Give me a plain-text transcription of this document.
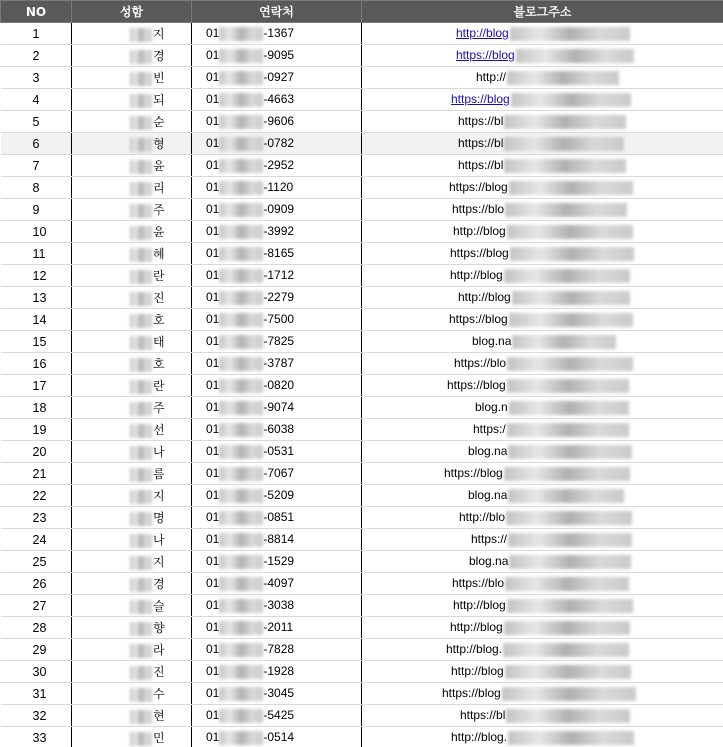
NO	성함	연락처	블로그주소
1	지	01 -1367	http://blog
2	경	01 -9095	https://blog
3	빈	01 -0927	http://
4	되	01 -4663	https://blog
5	순	01 -9606	https://bl
6	형	01 -0782	https://bl
7	윤	01 -2952	https://bl
8	리	01 -1120	https://blog
9	주	01 -0909	https://blo
10	윤	01 -3992	http://blog
11	혜	01 -8165	https://blog
12	란	01 -1712	http://blog
13	진	01 -2279	http://blog
14	호	01 -7500	https://blog
15	태	01 -7825	blog.na
16	호	01 -3787	https://blo
17	란	01 -0820	https://blog
18	주	01 -9074	blog.n
19	선	01 -6038	https:/
20	나	01 -0531	blog.na
21	름	01 -7067	https://blog
22	지	01 -5209	blog.na
23	명	01 -0851	http://blo
24	나	01 -8814	https://
25	지	01 -1529	blog.na
26	경	01 -4097	https://blo
27	슬	01 -3038	http://blog
28	향	01 -2011	http://blog
29	라	01 -7828	http://blog.
30	진	01 -1928	http://blog
31	수	01 -3045	https://blog
32	현	01 -5425	https://bl
33	민	01 -0514	http://blog.
